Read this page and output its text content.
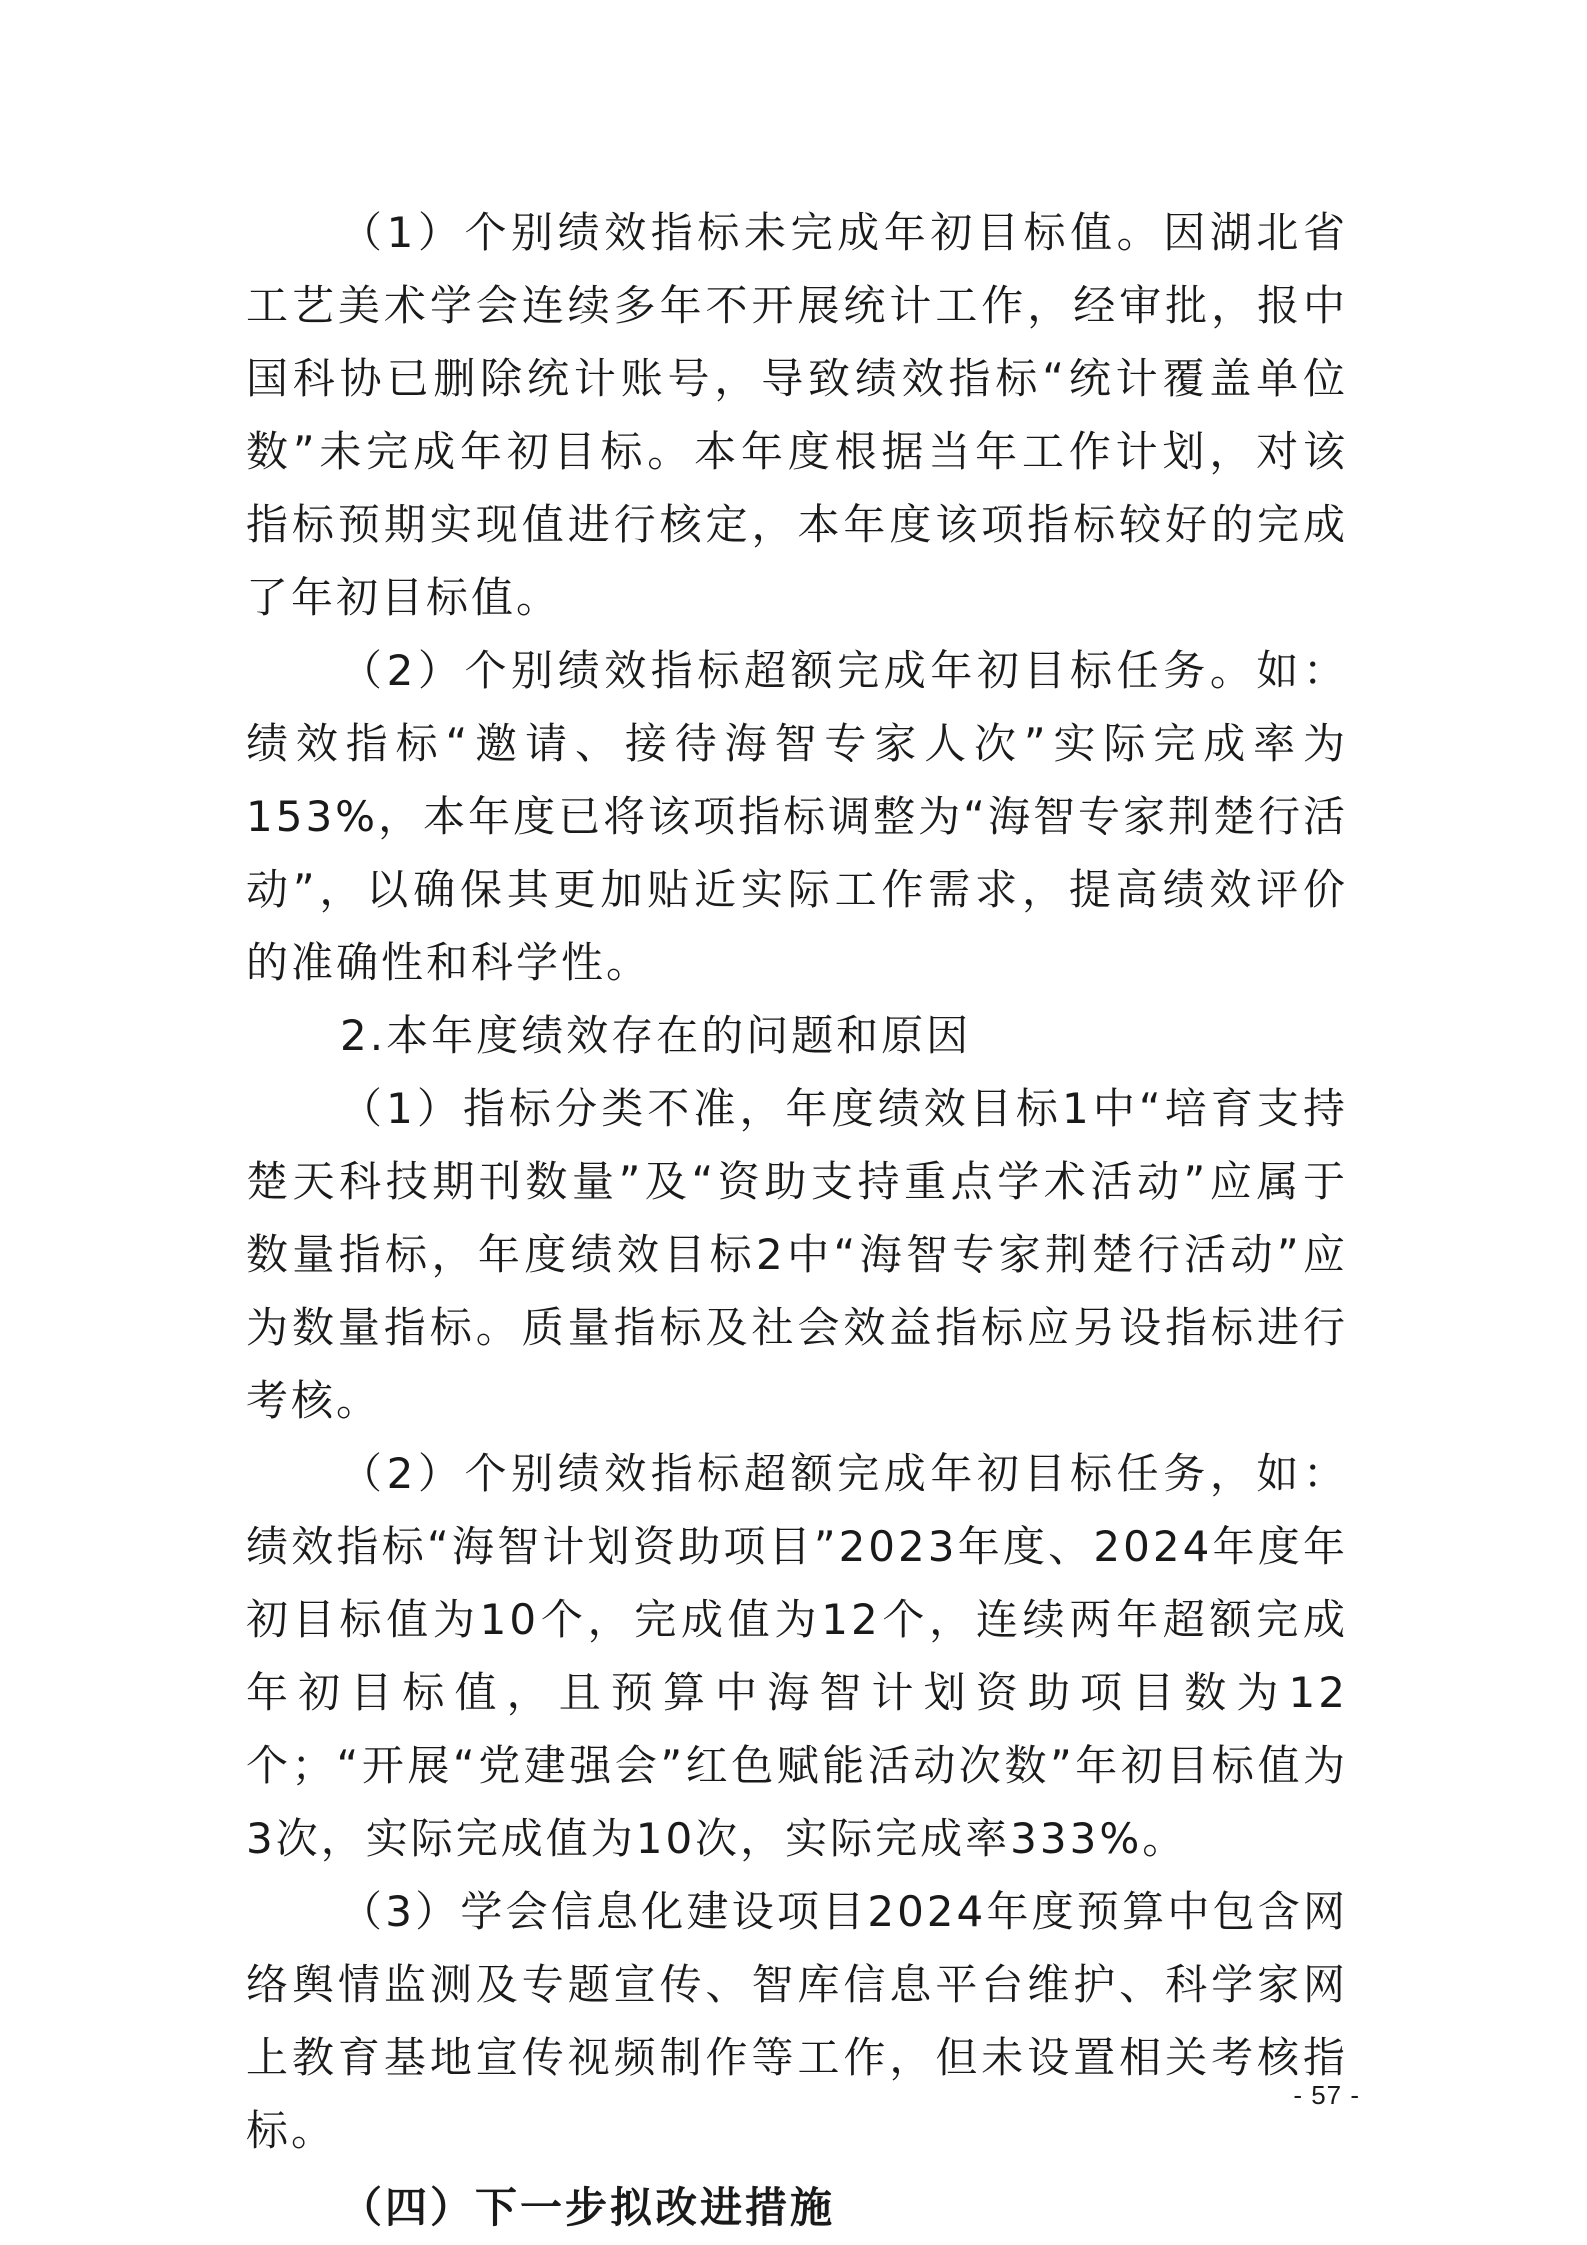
（1）个别绩效指标未完成年初目标值。因湖北省工艺美术学会连续多年不开展统计工作，经审批，报中国科协已删除统计账号，导致绩效指标“统计覆盖单位数”未完成年初目标。本年度根据当年工作计划，对该指标预期实现值进行核定，本年度该项指标较好的完成了年初目标值。

（2）个别绩效指标超额完成年初目标任务。如：绩效指标“邀请、接待海智专家人次”实际完成率为153%，本年度已将该项指标调整为“海智专家荆楚行活动”，以确保其更加贴近实际工作需求，提高绩效评价的准确性和科学性。

2.本年度绩效存在的问题和原因

（1）指标分类不准，年度绩效目标1中“培育支持楚天科技期刊数量”及“资助支持重点学术活动”应属于数量指标，年度绩效目标2中“海智专家荆楚行活动”应为数量指标。质量指标及社会效益指标应另设指标进行考核。

（2）个别绩效指标超额完成年初目标任务，如：绩效指标“海智计划资助项目”2023年度、2024年度年初目标值为10个，完成值为12个，连续两年超额完成年初目标值，且预算中海智计划资助项目数为12个；“开展“党建强会”红色赋能活动次数”年初目标值为3次，实际完成值为10次，实际完成率333%。

（3）学会信息化建设项目2024年度预算中包含网络舆情监测及专题宣传、智库信息平台维护、科学家网上教育基地宣传视频制作等工作，但未设置相关考核指标。

（四）下一步拟改进措施

- 57 -
